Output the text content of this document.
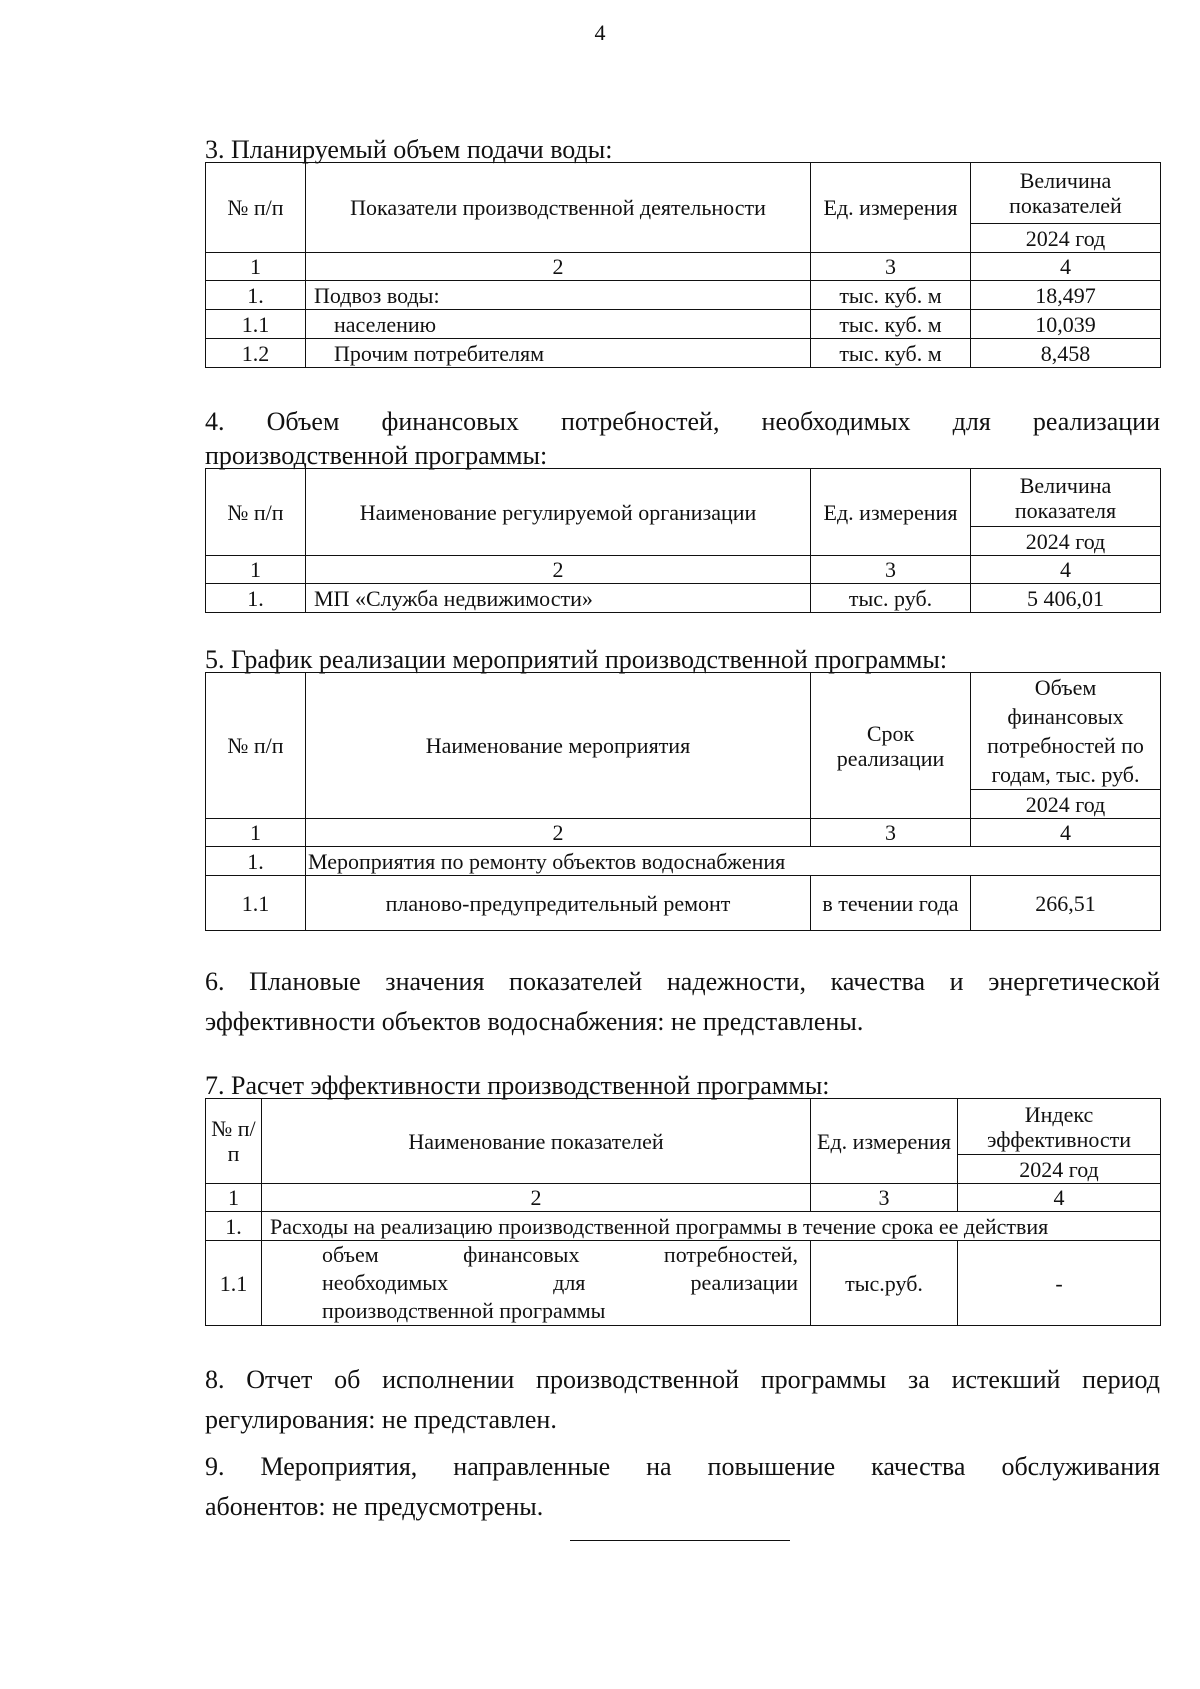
4
3. Планируемый объем подачи воды:
№ п/п	Показатели производственной деятельности	Ед. измерения	Величина показателей
			2024 год
1	2	3	4
1.	Подвоз воды:	тыс. куб. м	18,497
1.1	населению	тыс. куб. м	10,039
1.2	Прочим потребителям	тыс. куб. м	8,458
4. Объем финансовых потребностей, необходимых для реализации
производственной программы:
№ п/п	Наименование регулируемой организации	Ед. измерения	Величина показателя
			2024 год
1	2	3	4
1.	МП «Служба недвижимости»	тыс. руб.	5 406,01
5. График реализации мероприятий производственной программы:
№ п/п	Наименование мероприятия	Срок реализации	Объем финансовых потребностей по годам, тыс. руб.
			2024 год
1	2	3	4
1.	Мероприятия по ремонту объектов водоснабжения		
1.1	планово-предупредительный ремонт	в течении года	266,51
6. Плановые значения показателей надежности, качества и энергетической
эффективности объектов водоснабжения: не представлены.
7. Расчет эффективности производственной программы:
№ п/п	Наименование показателей	Ед. измерения	Индекс эффективности
			2024 год
1	2	3	4
1.	Расходы на реализацию производственной программы в течение срока ее действия		
1.1	объем финансовых потребностей,
необходимых для реализации
производственной программы	тыс.руб.	-
8. Отчет об исполнении производственной программы за истекший период
регулирования: не представлен.
9. Мероприятия, направленные на повышение качества обслуживания
абонентов: не предусмотрены.
